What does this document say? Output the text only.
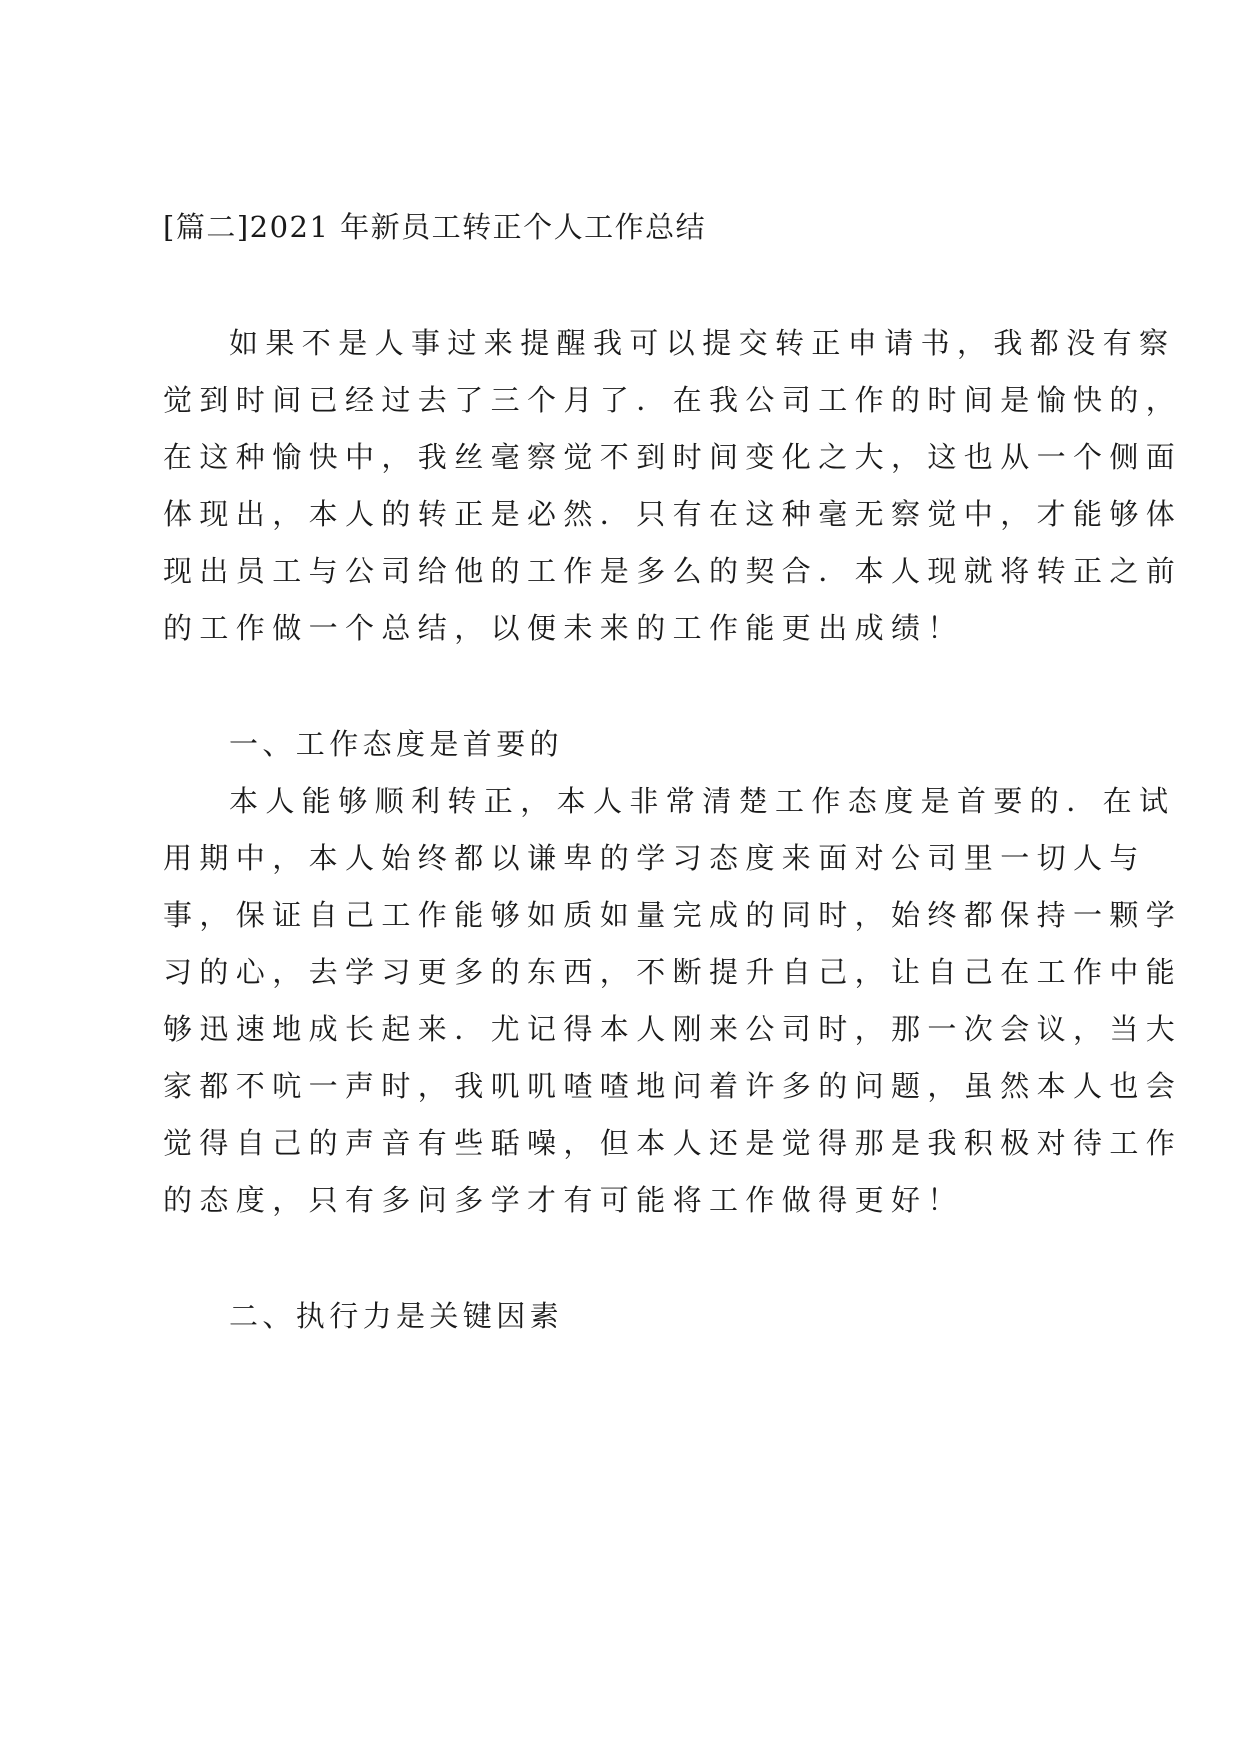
[篇二]2021 年新员工转正个人工作总结
如果不是人事过来提醒我可以提交转正申请书，我都没有察
觉到时间已经过去了三个月了．在我公司工作的时间是愉快的，
在这种愉快中，我丝毫察觉不到时间变化之大，这也从一个侧面
体现出，本人的转正是必然．只有在这种毫无察觉中，才能够体
现出员工与公司给他的工作是多么的契合．本人现就将转正之前
的工作做一个总结，以便未来的工作能更出成绩！
一、工作态度是首要的
本人能够顺利转正，本人非常清楚工作态度是首要的．在试
用期中，本人始终都以谦卑的学习态度来面对公司里一切人与
事，保证自己工作能够如质如量完成的同时，始终都保持一颗学
习的心，去学习更多的东西，不断提升自己，让自己在工作中能
够迅速地成长起来．尤记得本人刚来公司时，那一次会议，当大
家都不吭一声时，我叽叽喳喳地问着许多的问题，虽然本人也会
觉得自己的声音有些聒噪，但本人还是觉得那是我积极对待工作
的态度，只有多问多学才有可能将工作做得更好！
二、执行力是关键因素
